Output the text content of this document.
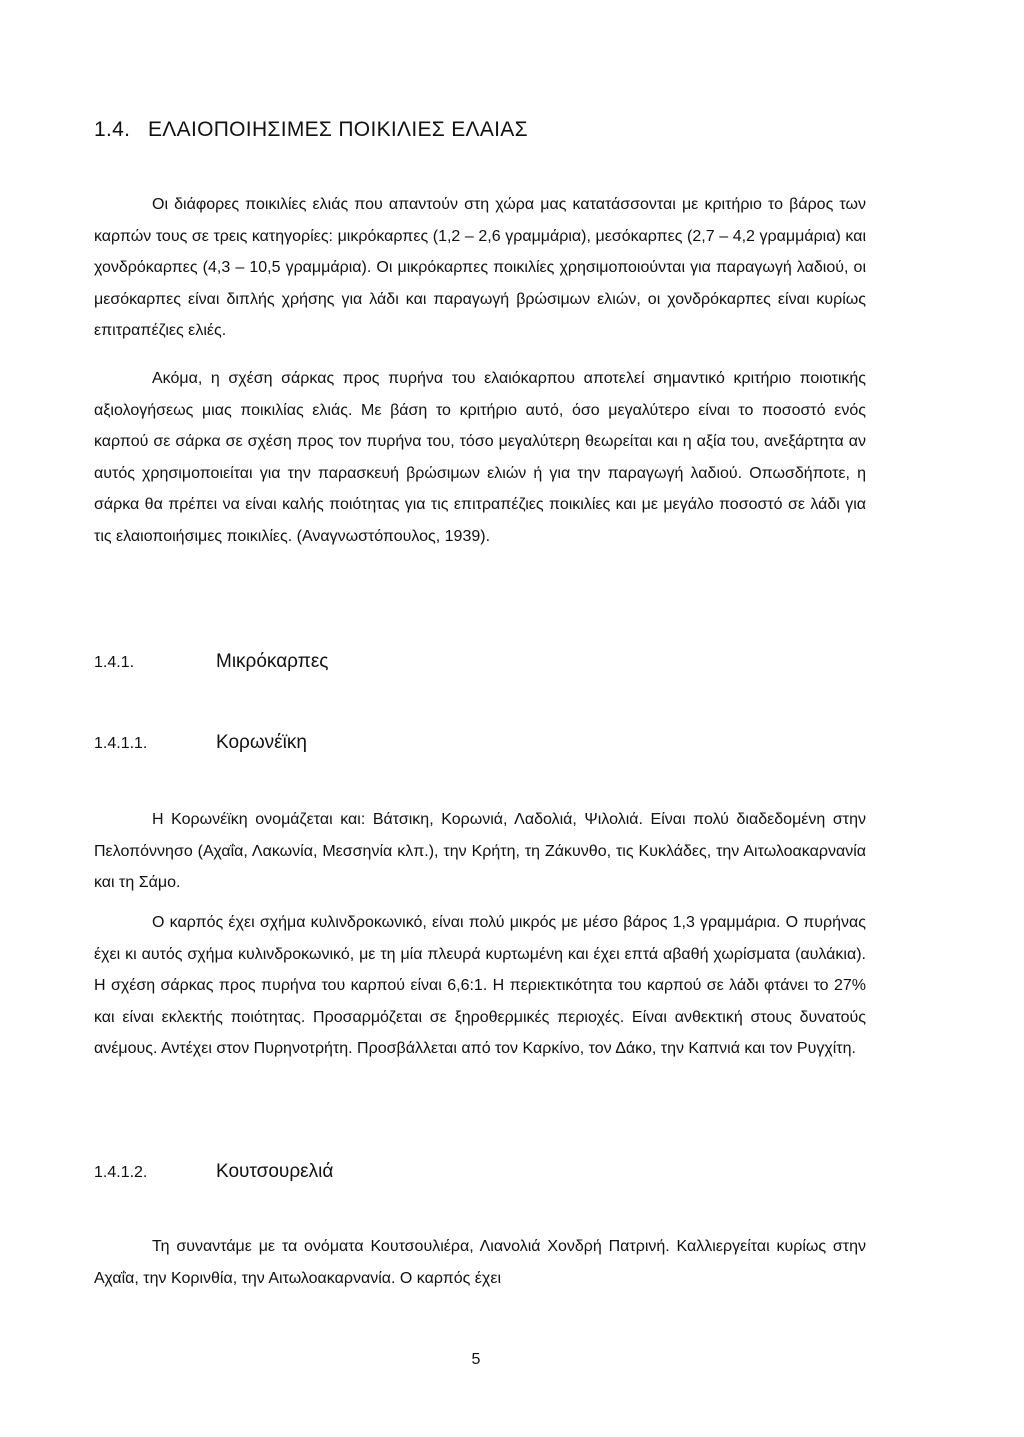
1.4. ΕΛΑΙΟΠΟΙΗΣΙΜΕΣ ΠΟΙΚΙΛΙΕΣ ΕΛΑΙΑΣ

Οι διάφορες ποικιλίες ελιάς που απαντούν στη χώρα μας κατατάσσονται με κριτήριο το βάρος των καρπών τους σε τρεις κατηγορίες: μικρόκαρπες (1,2 – 2,6 γραμμάρια), μεσόκαρπες (2,7 – 4,2 γραμμάρια) και χονδρόκαρπες (4,3 – 10,5 γραμμάρια). Οι μικρόκαρπες ποικιλίες χρησιμοποιούνται για παραγωγή λαδιού, οι μεσόκαρπες είναι διπλής χρήσης για λάδι και παραγωγή βρώσιμων ελιών, οι χονδρόκαρπες είναι κυρίως επιτραπέζιες ελιές.

Ακόμα, η σχέση σάρκας προς πυρήνα του ελαιόκαρπου αποτελεί σημαντικό κριτήριο ποιοτικής αξιολογήσεως μιας ποικιλίας ελιάς. Με βάση το κριτήριο αυτό, όσο μεγαλύτερο είναι το ποσοστό ενός καρπού σε σάρκα σε σχέση προς τον πυρήνα του, τόσο μεγαλύτερη θεωρείται και η αξία του, ανεξάρτητα αν αυτός χρησιμοποιείται για την παρασκευή βρώσιμων ελιών ή για την παραγωγή λαδιού. Οπωσδήποτε, η σάρκα θα πρέπει να είναι καλής ποιότητας για τις επιτραπέζιες ποικιλίες και με μεγάλο ποσοστό σε λάδι για τις ελαιοποιήσιμες ποικιλίες. (Αναγνωστόπουλος, 1939).

1.4.1.	Μικρόκαρπες
1.4.1.1.	Κορωνέϊκη

Η Κορωνέϊκη ονομάζεται και: Βάτσικη, Κορωνιά, Λαδολιά, Ψιλολιά. Είναι πολύ διαδεδομένη στην Πελοπόννησο (Αχαΐα, Λακωνία, Μεσσηνία κλπ.), την Κρήτη, τη Ζάκυνθο, τις Κυκλάδες, την Αιτωλοακαρνανία και τη Σάμο.

Ο καρπός έχει σχήμα κυλινδροκωνικό, είναι πολύ μικρός με μέσο βάρος 1,3 γραμμάρια. Ο πυρήνας έχει κι αυτός σχήμα κυλινδροκωνικό, με τη μία πλευρά κυρτωμένη και έχει επτά αβαθή χωρίσματα (αυλάκια). Η σχέση σάρκας προς πυρήνα του καρπού είναι 6,6:1. Η περιεκτικότητα του καρπού σε λάδι φτάνει το 27% και είναι εκλεκτής ποιότητας. Προσαρμόζεται σε ξηροθερμικές περιοχές. Είναι ανθεκτική στους δυνατούς ανέμους. Αντέχει στον Πυρηνοτρήτη. Προσβάλλεται από τον Καρκίνο, τον Δάκο, την Καπνιά και τον Ρυγχίτη.

1.4.1.2.	Κουτσουρελιά

Τη συναντάμε με τα ονόματα Κουτσουλιέρα, Λιανολιά Χονδρή Πατρινή. Καλλιεργείται κυρίως στην Αχαΐα, την Κορινθία, την Αιτωλοακαρνανία. Ο καρπός έχει

5
